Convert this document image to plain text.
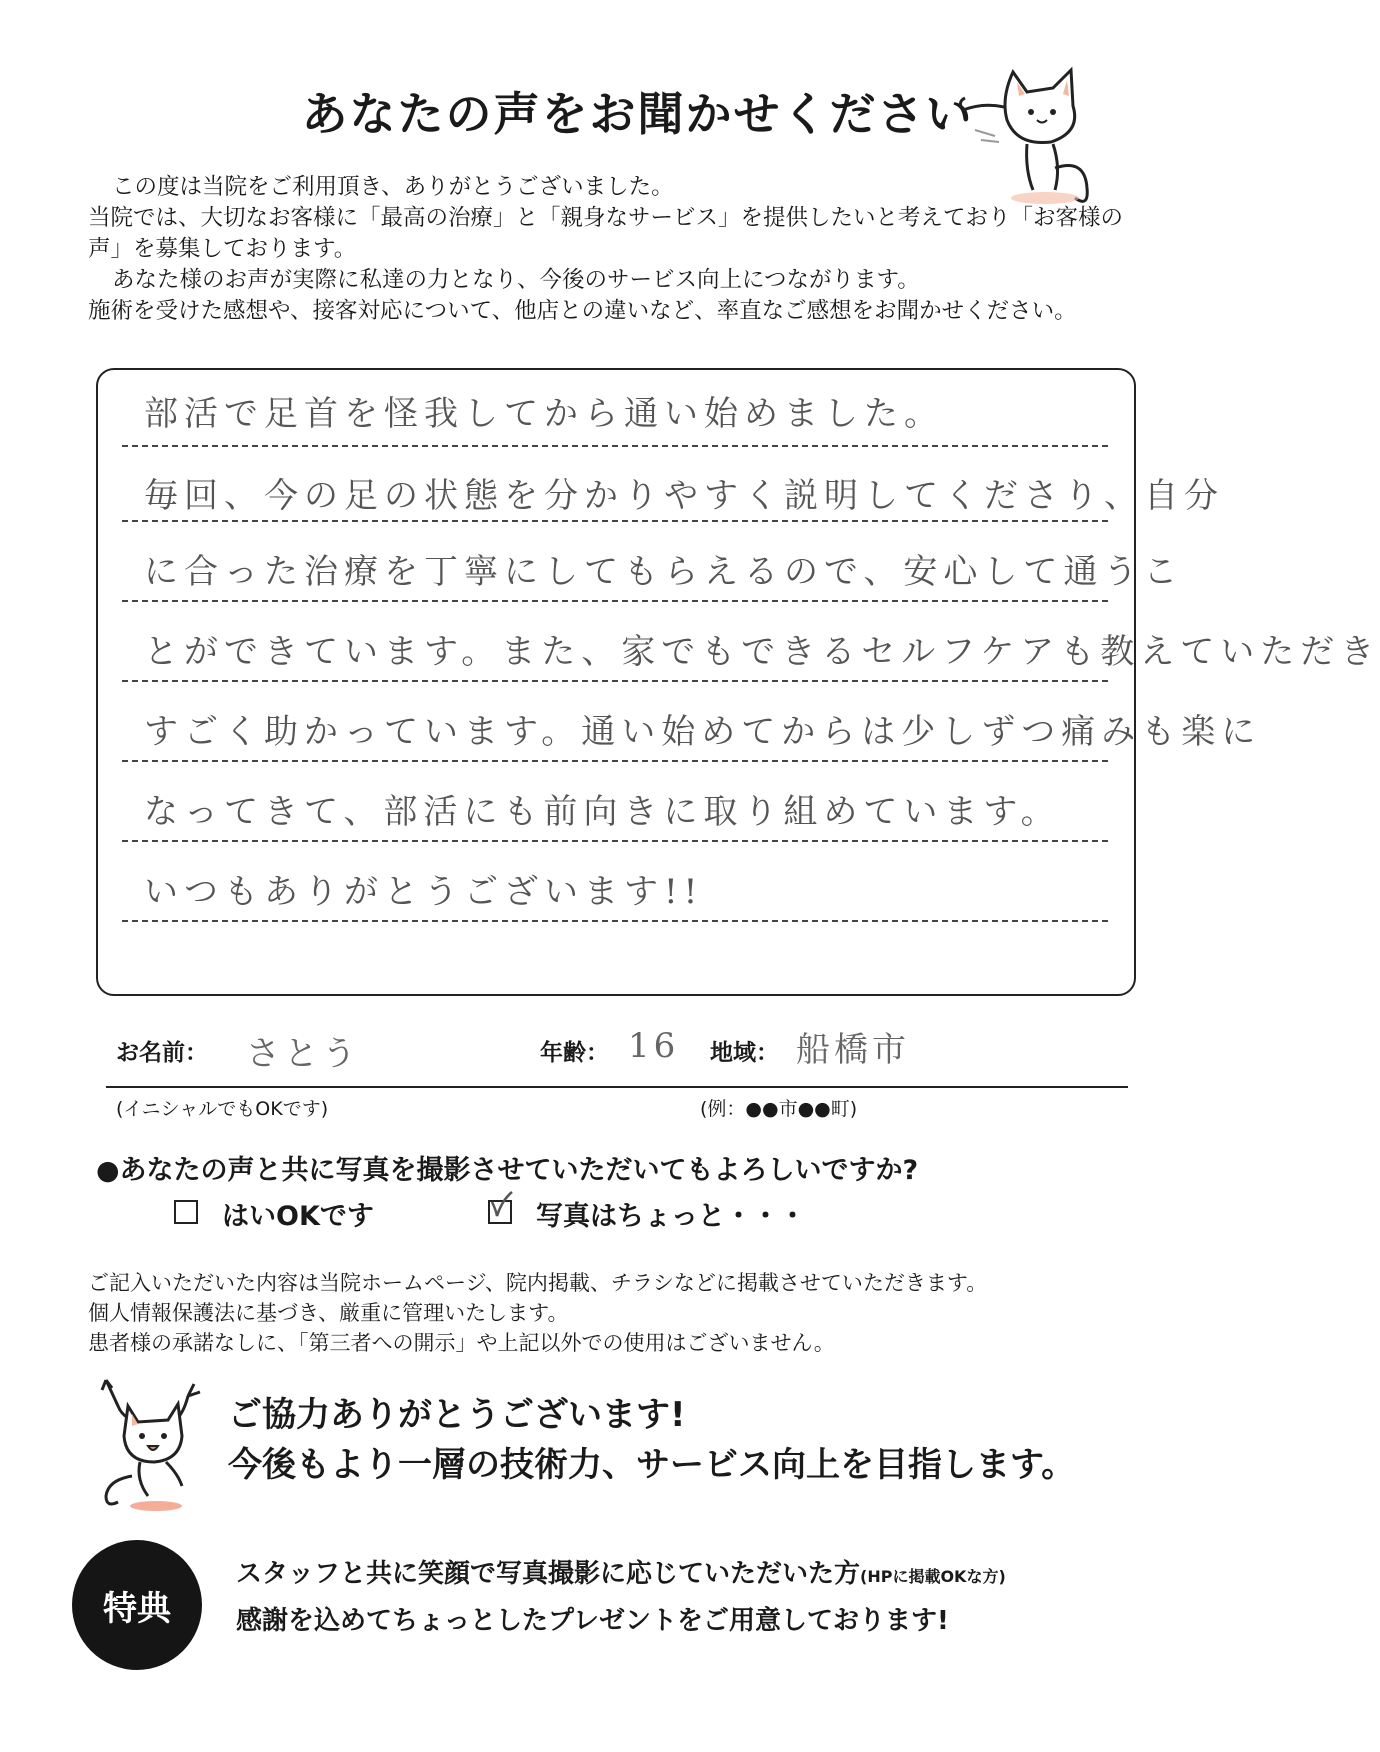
あなたの声をお聞かせください

この度は当院をご利用頂き、ありがとうございました。

当院では、大切なお客様に「最高の治療」と「親身なサービス」を提供したいと考えており「お客様の声」を募集しております。

あなた様のお声が実際に私達の力となり、今後のサービス向上につながります。

施術を受けた感想や、接客対応について、他店との違いなど、率直なご感想をお聞かせください。

部活で足首を怪我してから通い始めました。
毎回、今の足の状態を分かりやすく説明してくださり、自分
に合った治療を丁寧にしてもらえるので、安心して通うこ
とができています。また、家でもできるセルフケアも教えていただき
すごく助かっています。通い始めてからは少しずつ痛みも楽に
なってきて、部活にも前向きに取り組めています。
いつもありがとうございます!!
お名前： さとう	年齢： 16 地域： 船橋市
(イニシャルでもOKです)	(例：●●市●●町)
●あなたの声と共に写真を撮影させていただいてもよろしいですか?
はいOKです	写真はちょっと・・・

ご記入いただいた内容は当院ホームページ、院内掲載、チラシなどに掲載させていただきます。

個人情報保護法に基づき、厳重に管理いたします。

患者様の承諾なしに、「第三者への開示」や上記以外での使用はございません。

ご協力ありがとうございます!
今後もより一層の技術力、サービス向上を目指します。
特典
スタッフと共に笑顔で写真撮影に応じていただいた方(HPに掲載OKな方)
感謝を込めてちょっとしたプレゼントをご用意しております!
